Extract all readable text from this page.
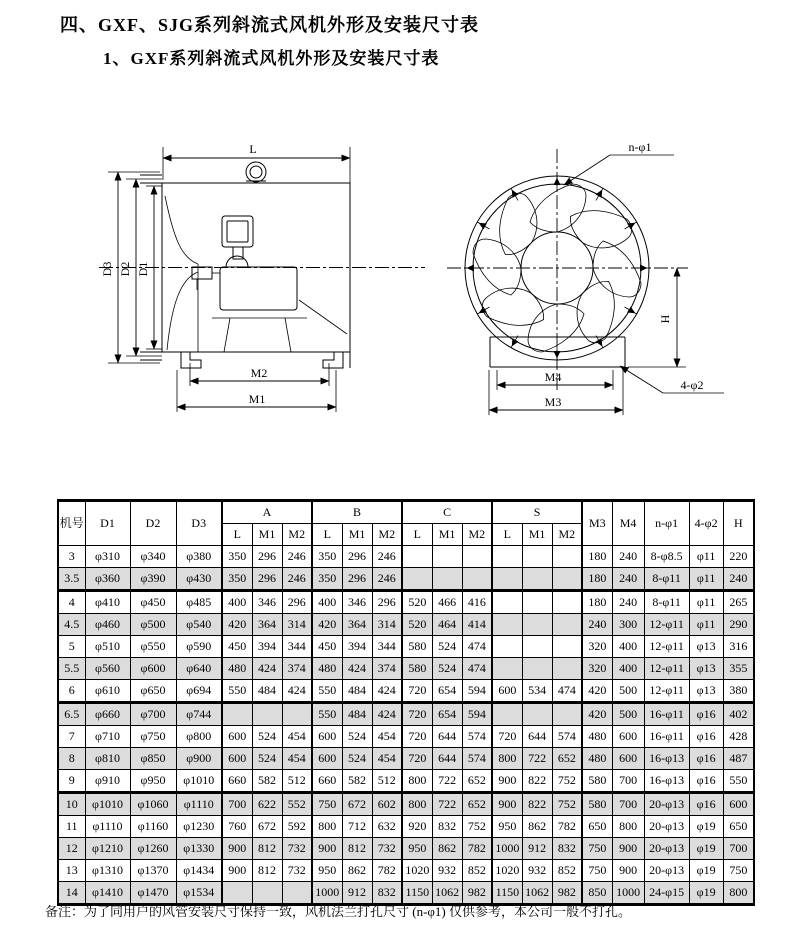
四、GXF、SJG系列斜流式风机外形及安装尺寸表
1、GXF系列斜流式风机外形及安装尺寸表
L
D3 D2 D1
M2
M1
n-φ1
H
M4
M3
4-φ2
机号	D1	D2	D3	A			B			C			S			M3	M4	n-φ1	4-φ2	H
				L	M1	M2	L	M1	M2	L	M1	M2	L	M1	M2					
3	φ310	φ340	φ380	350	296	246	350	296	246							180	240	8-φ8.5	φ11	220
3.5	φ360	φ390	φ430	350	296	246	350	296	246							180	240	8-φ11	φ11	240
4	φ410	φ450	φ485	400	346	296	400	346	296	520	466	416				180	240	8-φ11	φ11	265
4.5	φ460	φ500	φ540	420	364	314	420	364	314	520	464	414				240	300	12-φ11	φ11	290
5	φ510	φ550	φ590	450	394	344	450	394	344	580	524	474				320	400	12-φ11	φ13	316
5.5	φ560	φ600	φ640	480	424	374	480	424	374	580	524	474				320	400	12-φ11	φ13	355
6	φ610	φ650	φ694	550	484	424	550	484	424	720	654	594	600	534	474	420	500	12-φ11	φ13	380
6.5	φ660	φ700	φ744				550	484	424	720	654	594				420	500	16-φ11	φ16	402
7	φ710	φ750	φ800	600	524	454	600	524	454	720	644	574	720	644	574	480	600	16-φ11	φ16	428
8	φ810	φ850	φ900	600	524	454	600	524	454	720	644	574	800	722	652	480	600	16-φ13	φ16	487
9	φ910	φ950	φ1010	660	582	512	660	582	512	800	722	652	900	822	752	580	700	16-φ13	φ16	550
10	φ1010	φ1060	φ1110	700	622	552	750	672	602	800	722	652	900	822	752	580	700	20-φ13	φ16	600
11	φ1110	φ1160	φ1230	760	672	592	800	712	632	920	832	752	950	862	782	650	800	20-φ13	φ19	650
12	φ1210	φ1260	φ1330	900	812	732	900	812	732	950	862	782	1000	912	832	750	900	20-φ13	φ19	700
13	φ1310	φ1370	φ1434	900	812	732	950	862	782	1020	932	852	1020	932	852	750	900	20-φ13	φ19	750
14	φ1410	φ1470	φ1534				1000	912	832	1150	1062	982	1150	1062	982	850	1000	24-φ15	φ19	800
备注：为了同用户的风管安装尺寸保持一致，风机法兰打孔尺寸 (n-φ1) 仅供参考，本公司一般不打孔。
